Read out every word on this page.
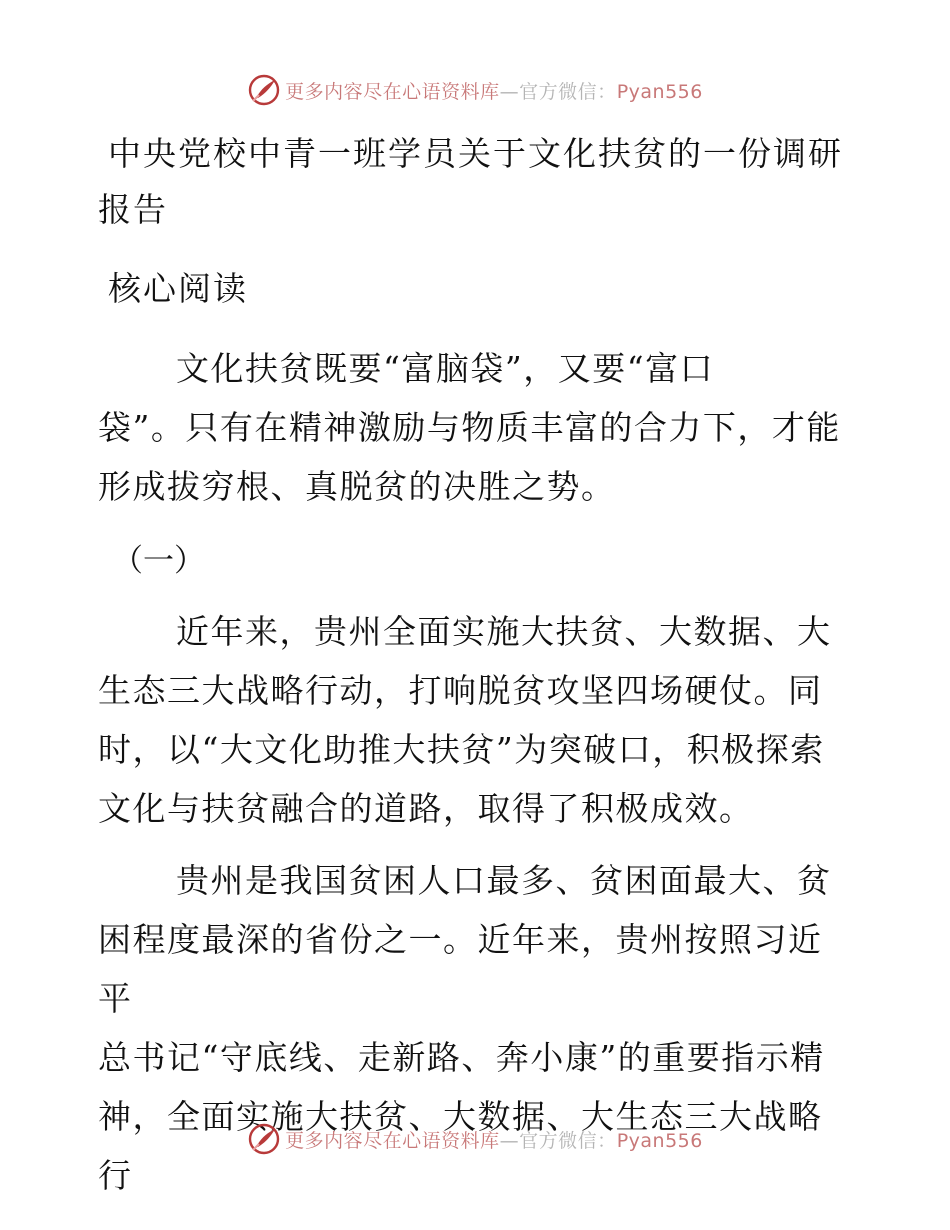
更多内容尽在心语资料库—官方微信：Pyan556
中央党校中青一班学员关于文化扶贫的一份调研
报告
核心阅读
文化扶贫既要“富脑袋”，又要“富口
袋”。只有在精神激励与物质丰富的合力下，才能
形成拔穷根、真脱贫的决胜之势。
（一）
近年来，贵州全面实施大扶贫、大数据、大
生态三大战略行动，打响脱贫攻坚四场硬仗。同
时，以“大文化助推大扶贫”为突破口，积极探索
文化与扶贫融合的道路，取得了积极成效。
贵州是我国贫困人口最多、贫困面最大、贫
困程度最深的省份之一。近年来，贵州按照习近平
总书记“守底线、走新路、奔小康”的重要指示精
神，全面实施大扶贫、大数据、大生态三大战略行
更多内容尽在心语资料库—官方微信：Pyan556
